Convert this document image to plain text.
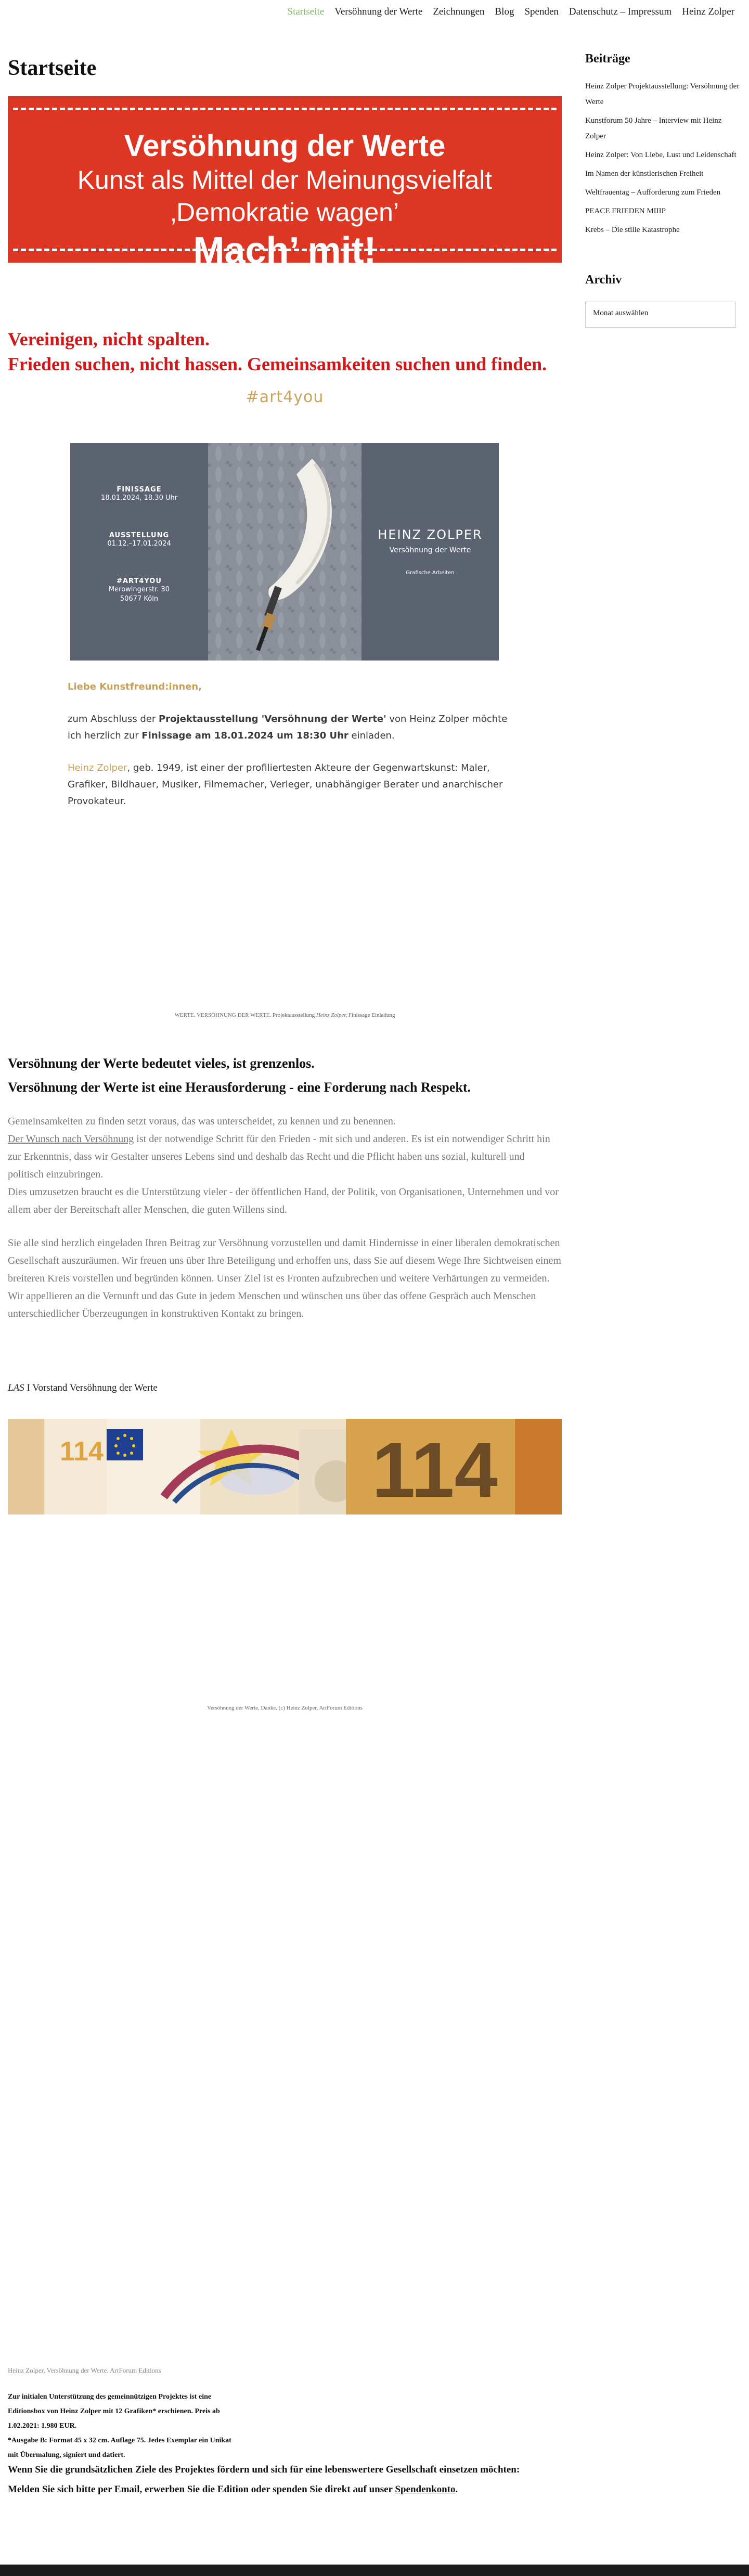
Startseite	Versöhnung der Werte	Zeichnungen	Blog	Spenden	Datenschutz – Impressum	Heinz Zolper
Startseite
Versöhnung der Werte
Kunst als Mittel der Meinungsvielfalt
‚Demokratie wagen’
Mach’ mit!
Vereinigen, nicht spalten.
Frieden suchen, nicht hassen. Gemeinsamkeiten suchen und finden.
#art4you
FINISSAGE
18.01.2024, 18.30 Uhr
AUSSTELLUNG
01.12.–17.01.2024
#ART4YOU
Merowingerstr. 30
50677 Köln
HEINZ ZOLPER
Versöhnung der Werte
Grafische Arbeiten

Liebe Kunstfreund:innen,

zum Abschluss der Projektausstellung 'Versöhnung der Werte' von Heinz Zolper möchte ich herzlich zur Finissage am 18.01.2024 um 18:30 Uhr einladen.

Heinz Zolper, geb. 1949, ist einer der profiliertesten Akteure der Gegenwartskunst: Maler, Grafiker, Bildhauer, Musiker, Filmemacher, Verleger, unabhängiger Berater und anarchischer Provokateur.

WERTE. VERSÖHNUNG DER WERTE. Projektausstellung Heinz Zolper, Finissage Einladung
Versöhnung der Werte bedeutet vieles, ist grenzenlos.
Versöhnung der Werte ist eine Herausforderung - eine Forderung nach Respekt.

Gemeinsamkeiten zu finden setzt voraus, das was unterscheidet, zu kennen und zu benennen.
Der Wunsch nach Versöhnung ist der notwendige Schritt für den Frieden - mit sich und anderen. Es ist ein notwendiger Schritt hin zur Erkenntnis, dass wir Gestalter unseres Lebens sind und deshalb das Recht und die Pflicht haben uns sozial, kulturell und politisch einzubringen.
Dies umzusetzen braucht es die Unterstützung vieler - der öffentlichen Hand, der Politik, von Organisationen, Unternehmen und vor allem aber der Bereitschaft aller Menschen, die guten Willens sind.

Sie alle sind herzlich eingeladen Ihren Beitrag zur Versöhnung vorzustellen und damit Hindernisse in einer liberalen demokratischen Gesellschaft auszuräumen. Wir freuen uns über Ihre Beteiligung und erhoffen uns, dass Sie auf diesem Wege Ihre Sichtweisen einem breiteren Kreis vorstellen und begründen können. Unser Ziel ist es Fronten aufzubrechen und weitere Verhärtungen zu vermeiden. Wir appellieren an die Vernunft und das Gute in jedem Menschen und wünschen uns über das offene Gespräch auch Menschen unterschiedlicher Überzeugungen in konstruktiven Kontakt zu bringen.

LAS I Vorstand Versöhnung der Werte
114	114
Versöhnung der Werte, Danke. (c) Heinz Zolper, ArtForum Editions
Heinz Zolper, Versöhnung der Werte. ArtForum Editions
Zur initialen Unterstützung des gemeinnützigen Projektes ist eine
Editionsbox von Heinz Zolper mit 12 Grafiken* erschienen. Preis ab
1.02.2021: 1.980 EUR.
*Ausgabe B: Format 45 x 32 cm. Auflage 75. Jedes Exemplar ein Unikat
mit Übermalung, signiert und datiert.
Wenn Sie die grundsätzlichen Ziele des Projektes fördern und sich für eine lebenswertere Gesellschaft einsetzen möchten:
Melden Sie sich bitte per Email, erwerben Sie die Edition oder spenden Sie direkt auf unser Spendenkonto.
Beiträge
Heinz Zolper Projektausstellung: Versöhnung der Werte
Kunstforum 50 Jahre – Interview mit Heinz Zolper
Heinz Zolper: Von Liebe, Lust und Leidenschaft
Im Namen der künstlerischen Freiheit
Weltfrauentag – Aufforderung zum Frieden
PEACE FRIEDEN MIIIP
Krebs – Die stille Katastrophe
Archiv
Monat auswählen
